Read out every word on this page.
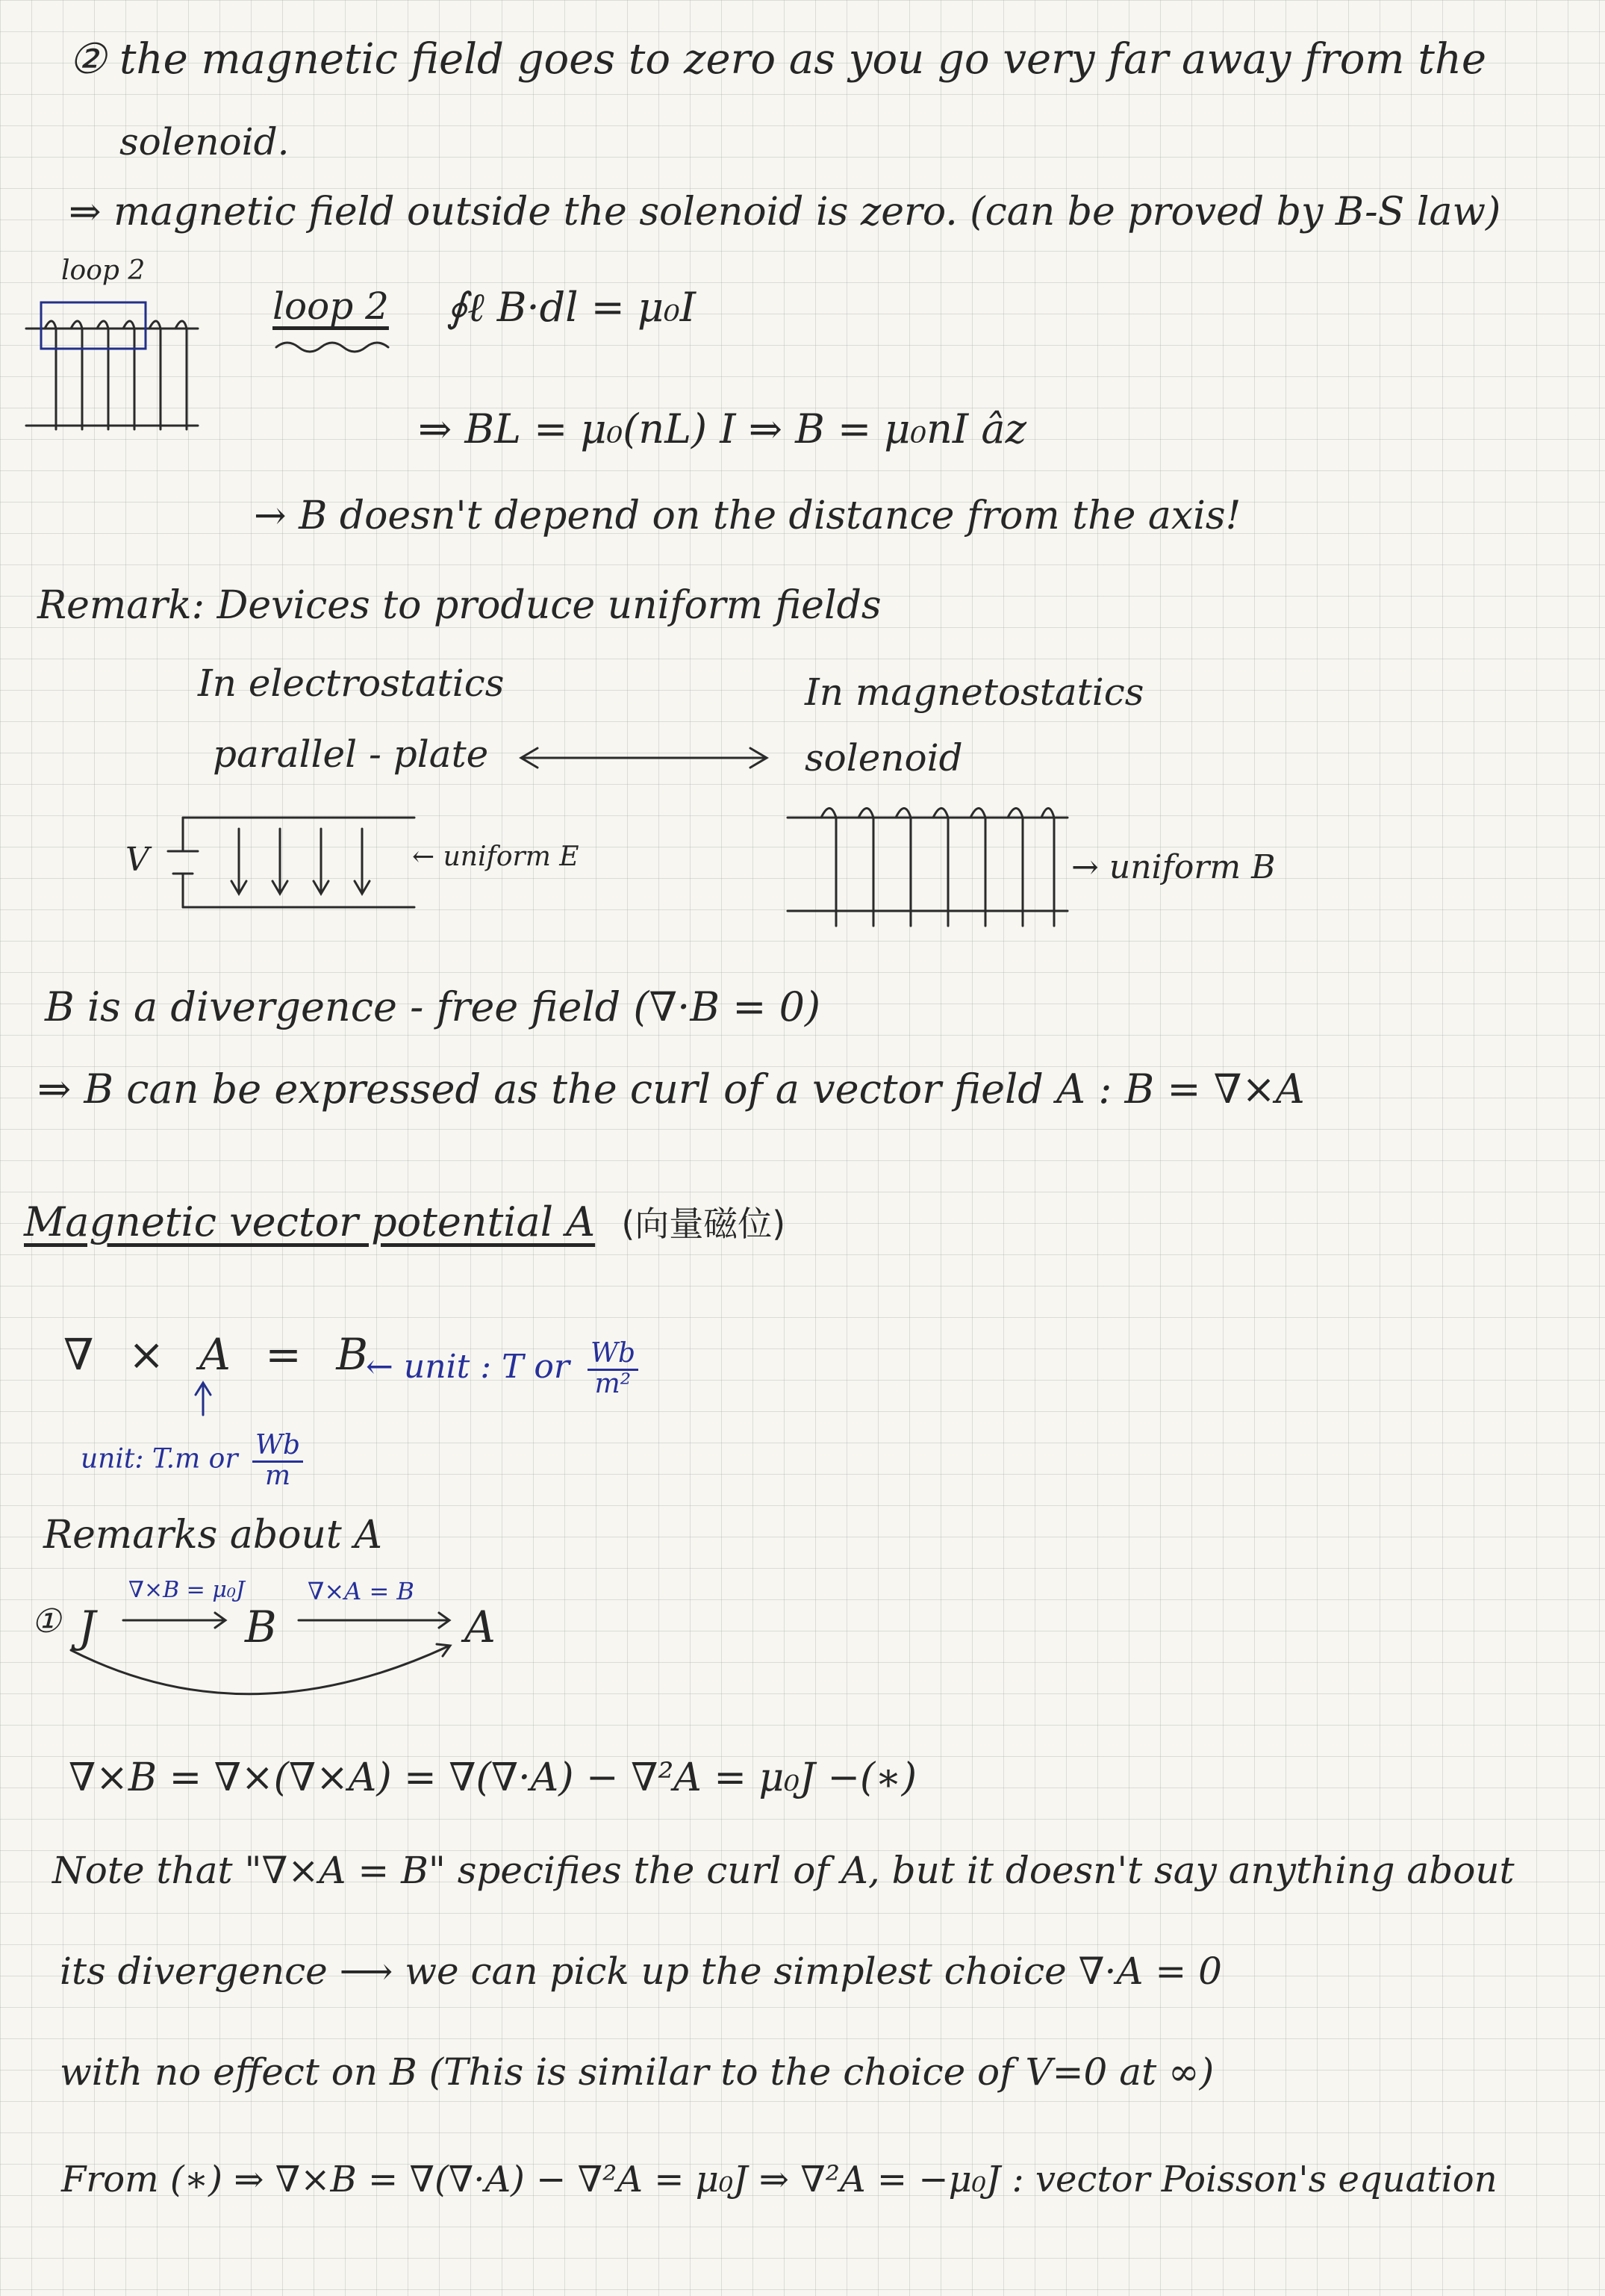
② the magnetic field goes to zero as you go very far away from the
solenoid.
⇒ magnetic field outside the solenoid is zero. (can be proved by B-S law)
loop 2
loop 2 ∮ℓ B·dl = μ₀I
⇒ BL = μ₀(nL) I ⇒ B = μ₀nI âz
→ B doesn't depend on the distance from the axis!
Remark: Devices to produce uniform fields
In electrostatics	In magnetostatics
parallel - plate	solenoid
V	← uniform E	→ uniform B
B is a divergence - free field (∇·B = 0)
⇒ B can be expressed as the curl of a vector field A : B = ∇×A
Magnetic vector potential A (向量磁位)
∇ × A = B
← unit : T or $\frac{Wb}{\text{m²}}$
unit: T.m or $\frac{Wb}{m}$
Remarks about A
① J
∇×B = μ₀J
B
∇×A = B
A
∇×B = ∇×(∇×A) = ∇(∇·A) − ∇²A = μ₀J −(∗)
Note that "∇×A = B" specifies the curl of A, but it doesn't say anything about
its divergence ⟶ we can pick up the simplest choice ∇·A = 0
with no effect on B (This is similar to the choice of V=0 at ∞)
From (∗) ⇒ ∇×B = ∇(∇·A) − ∇²A = μ₀J ⇒ ∇²A = −μ₀J : vector Poisson's equation
